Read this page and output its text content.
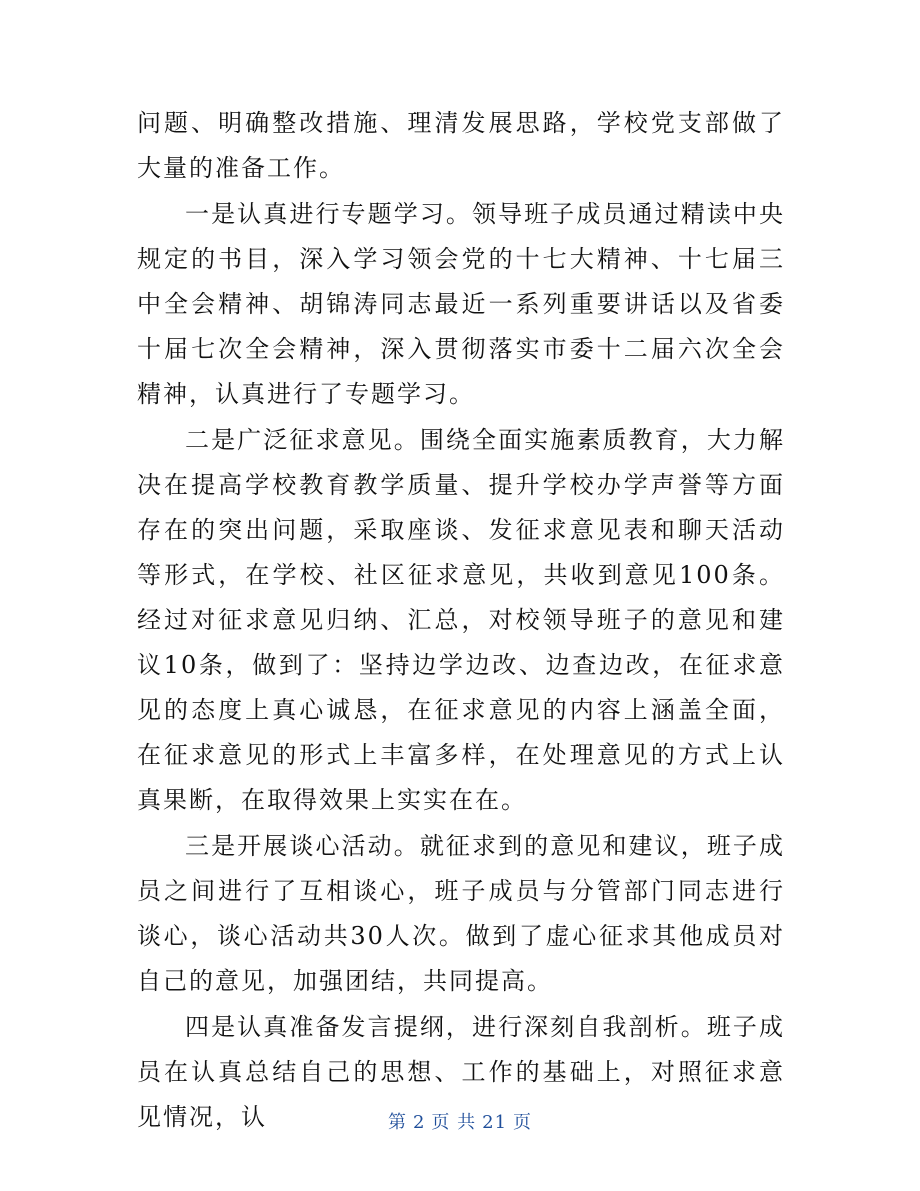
问题、明确整改措施、理清发展思路，学校党支部做了大量的准备工作。

一是认真进行专题学习。领导班子成员通过精读中央规定的书目，深入学习领会党的十七大精神、十七届三中全会精神、胡锦涛同志最近一系列重要讲话以及省委十届七次全会精神，深入贯彻落实市委十二届六次全会精神，认真进行了专题学习。

二是广泛征求意见。围绕全面实施素质教育，大力解决在提高学校教育教学质量、提升学校办学声誉等方面存在的突出问题，采取座谈、发征求意见表和聊天活动等形式，在学校、社区征求意见，共收到意见100条。经过对征求意见归纳、汇总，对校领导班子的意见和建议10条，做到了：坚持边学边改、边查边改，在征求意见的态度上真心诚恳，在征求意见的内容上涵盖全面，在征求意见的形式上丰富多样，在处理意见的方式上认真果断，在取得效果上实实在在。

三是开展谈心活动。就征求到的意见和建议，班子成员之间进行了互相谈心，班子成员与分管部门同志进行谈心，谈心活动共30人次。做到了虚心征求其他成员对自己的意见，加强团结，共同提高。

四是认真准备发言提纲，进行深刻自我剖析。班子成员在认真总结自己的思想、工作的基础上，对照征求意见情况，认	第 2 页 共 21 页
